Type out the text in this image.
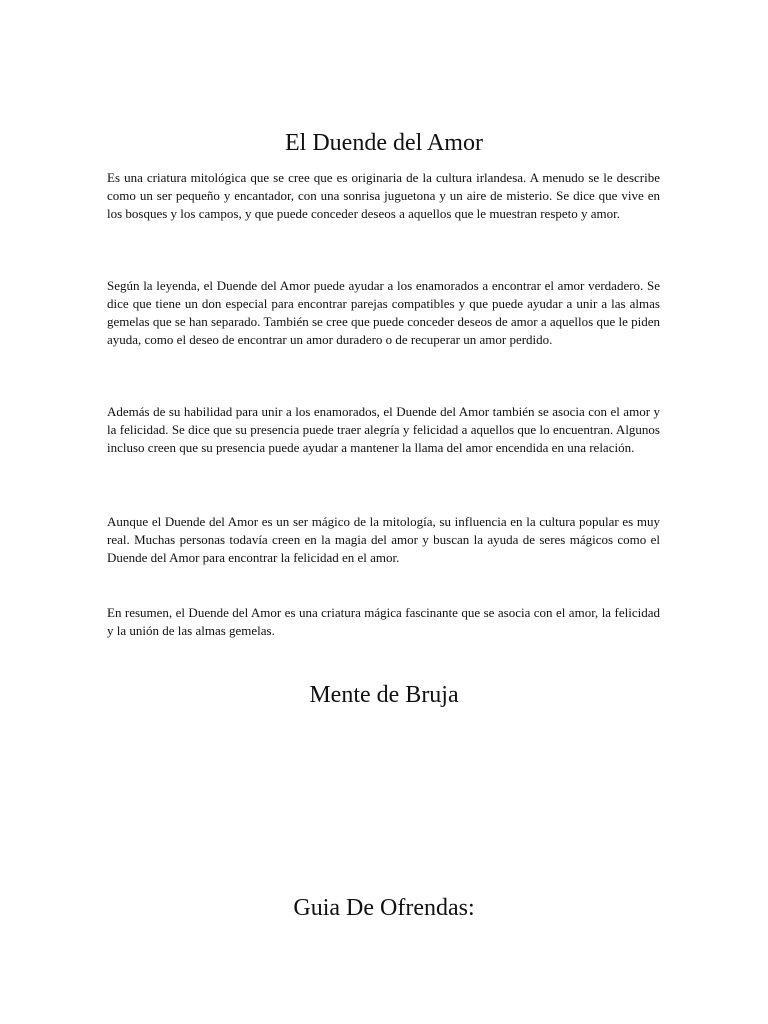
El Duende del Amor

Es una criatura mitológica que se cree que es originaria de la cultura irlandesa. A menudo se le describe como un ser pequeño y encantador, con una sonrisa juguetona y un aire de misterio. Se dice que vive en los bosques y los campos, y que puede conceder deseos a aquellos que le muestran respeto y amor.

Según la leyenda, el Duende del Amor puede ayudar a los enamorados a encontrar el amor verdadero. Se dice que tiene un don especial para encontrar parejas compatibles y que puede ayudar a unir a las almas gemelas que se han separado. También se cree que puede conceder deseos de amor a aquellos que le piden ayuda, como el deseo de encontrar un amor duradero o de recuperar un amor perdido.

Además de su habilidad para unir a los enamorados, el Duende del Amor también se asocia con el amor y la felicidad. Se dice que su presencia puede traer alegría y felicidad a aquellos que lo encuentran. Algunos incluso creen que su presencia puede ayudar a mantener la llama del amor encendida en una relación.

Aunque el Duende del Amor es un ser mágico de la mitología, su influencia en la cultura popular es muy real. Muchas personas todavía creen en la magia del amor y buscan la ayuda de seres mágicos como el Duende del Amor para encontrar la felicidad en el amor.

En resumen, el Duende del Amor es una criatura mágica fascinante que se asocia con el amor, la felicidad y la unión de las almas gemelas.

Mente de Bruja
Guia De Ofrendas:
